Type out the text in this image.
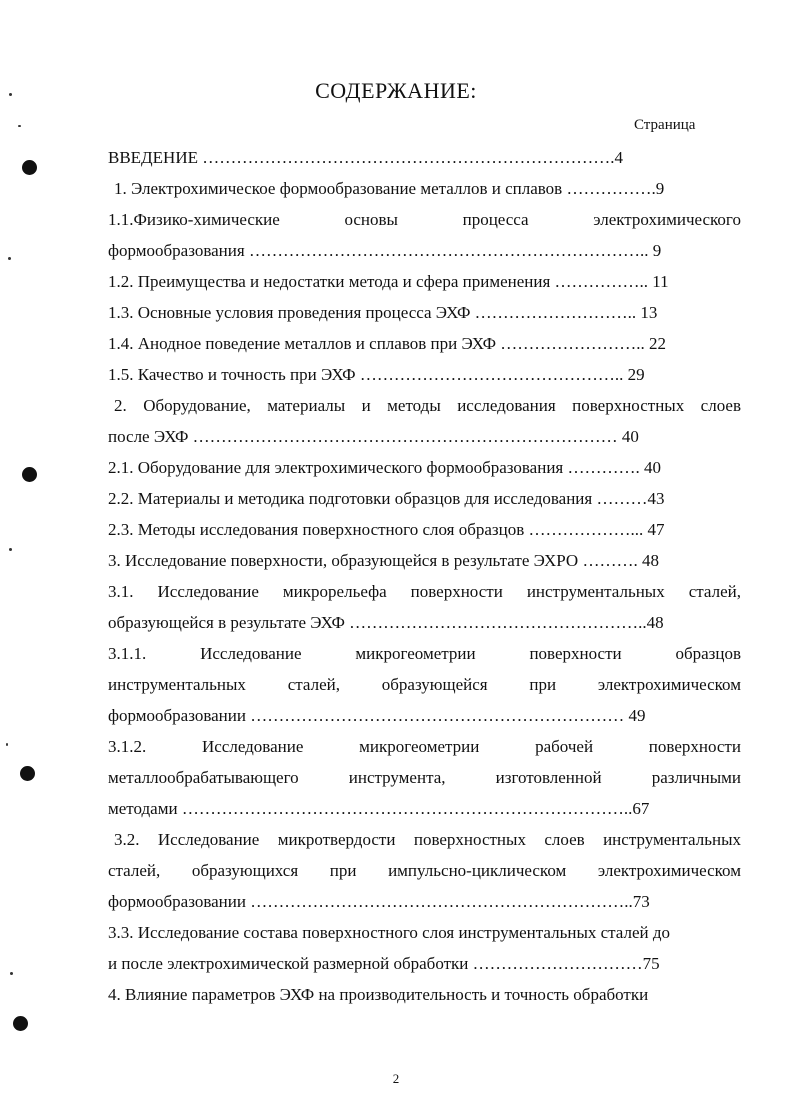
СОДЕРЖАНИЕ:
Страница
ВВЕДЕНИЕ ……………………………………………………………….4
1. Электрохимическое формообразование металлов и сплавов …………….9
1.1.Физико-химические	основы	процесса	электрохимического
формообразования …………………………………………………………….. 9
1.2. Преимущества и недостатки метода и сфера применения …………….. 11
1.3. Основные условия проведения процесса ЭХФ ……………………….. 13
1.4. Анодное поведение металлов и сплавов при ЭХФ …………………….. 22
1.5. Качество и точность при ЭХФ ……………………………………….. 29
2. Оборудование, материалы и методы исследования поверхностных слоев
после ЭХФ ………………………………………………………………… 40
2.1. Оборудование для электрохимического формообразования …………. 40
2.2. Материалы и методика подготовки образцов для исследования ………43
2.3. Методы исследования поверхностного слоя образцов ………………... 47
3. Исследование поверхности, образующейся в результате ЭХРО ………. 48
3.1. Исследование микрорельефа поверхности инструментальных сталей,
образующейся в результате ЭХФ ……………………………………………..48
3.1.1.	Исследование	микрогеометрии	поверхности	образцов
инструментальных сталей, образующейся при электрохимическом
формообразовании ………………………………………………………… 49
3.1.2.	Исследование	микрогеометрии	рабочей	поверхности
металлообрабатывающего	инструмента,	изготовленной	различными
методами ……………………………………………………………………..67
3.2. Исследование микротвердости поверхностных слоев инструментальных
сталей, образующихся при импульсно-циклическом электрохимическом
формообразовании …………………………………………………………..73
3.3. Исследование состава поверхностного слоя инструментальных сталей до
и после электрохимической размерной обработки …………………………75
4. Влияние параметров ЭХФ на производительность и точность обработки
2
